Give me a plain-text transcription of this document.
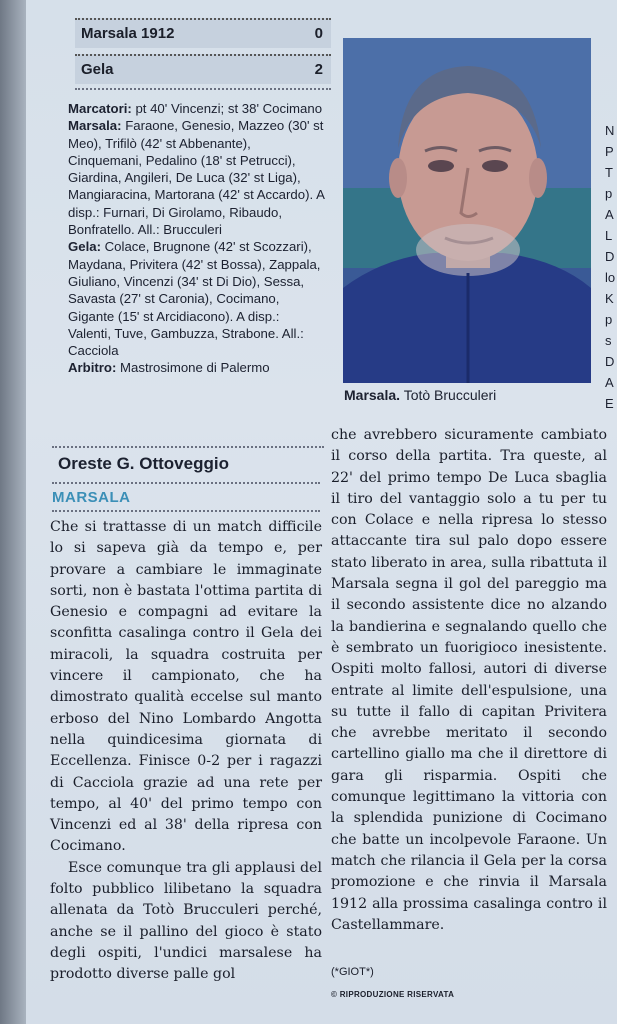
Marsala 1912	0
Gela	2

Marcatori: pt 40' Vincenzi; st 38' Cocimano

Marsala: Faraone, Genesio, Mazzeo (30' st Meo), Trifilò (42' st Abbenante), Cinquemani, Pedalino (18' st Petrucci), Giardina, Angileri, De Luca (32' st Liga), Mangiaracina, Martorana (42' st Accardo). A disp.: Furnari, Di Girolamo, Ribaudo, Bonfratello. All.: Brucculeri

Gela: Colace, Brugnone (42' st Scozzari), Maydana, Privitera (42' st Bossa), Zappala, Giuliano, Vincenzi (34' st Di Dio), Sessa, Savasta (27' st Caronia), Cocimano, Gigante (15' st Arcidiacono). A disp.: Valenti, Tuve, Gambuzza, Strabone. All.: Cacciola

Arbitro: Mastrosimone di Palermo

Marsala. Totò Brucculeri
Oreste G. Ottoveggio
MARSALA

Che si trattasse di un match difficile lo si sapeva già da tempo e, per provare a cambiare le immaginate sorti, non è bastata l'ottima partita di Genesio e compagni ad evitare la sconfitta casalinga contro il Gela dei miracoli, la squadra costruita per vincere il campionato, che ha dimostrato qualità eccelse sul manto erboso del Nino Lombardo Angotta nella quindicesima giornata di Eccellenza. Finisce 0-2 per i ragazzi di Cacciola grazie ad una rete per tempo, al 40' del primo tempo con Vincenzi ed al 38' della ripresa con Cocimano.

Esce comunque tra gli applausi del folto pubblico lilibetano la squadra allenata da Totò Brucculeri perché, anche se il pallino del gioco è stato degli ospiti, l'undici marsalese ha prodotto diverse palle gol

che avrebbero sicuramente cambiato il corso della partita. Tra queste, al 22' del primo tempo De Luca sbaglia il tiro del vantaggio solo a tu per tu con Colace e nella ripresa lo stesso attaccante tira sul palo dopo essere stato liberato in area, sulla ribattuta il Marsala segna il gol del pareggio ma il secondo assistente dice no alzando la bandierina e segnalando quello che è sembrato un fuorigioco inesistente. Ospiti molto fallosi, autori di diverse entrate al limite dell'espulsione, una su tutte il fallo di capitan Privitera che avrebbe meritato il secondo cartellino giallo ma che il direttore di gara gli risparmia. Ospiti che comunque legittimano la vittoria con la splendida punizione di Cocimano che batte un incolpevole Faraone. Un match che rilancia il Gela per la corsa promozione e che rinvia il Marsala 1912 alla prossima casalinga contro il Castellammare.

(*GIOT*)
© RIPRODUZIONE RISERVATA
N
P
T
p
A
L
D
lo
K
p
s
D
A
E
